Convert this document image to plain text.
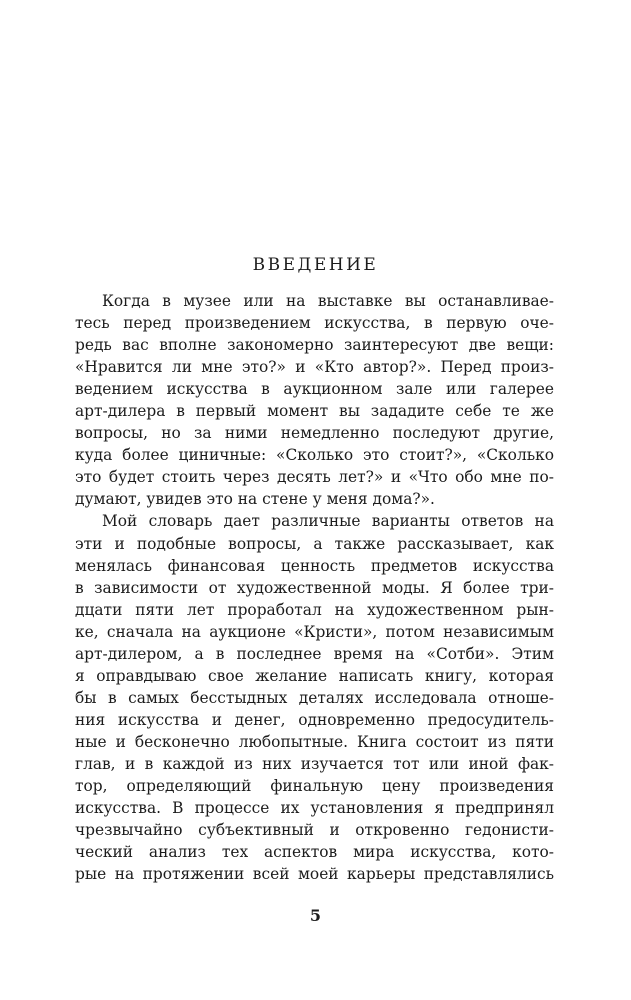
ВВЕДЕНИЕ
Когда в музее или на выставке вы останавливае-
тесь перед произведением искусства, в первую оче-
редь вас вполне закономерно заинтересуют две вещи:
«Нравится ли мне это?» и «Кто автор?». Перед произ-
ведением искусства в аукционном зале или галерее
арт-дилера в первый момент вы зададите себе те же
вопросы, но за ними немедленно последуют другие,
куда более циничные: «Сколько это стоит?», «Сколько
это будет стоить через десять лет?» и «Что обо мне по-
думают, увидев это на стене у меня дома?».
Мой словарь дает различные варианты ответов на
эти и подобные вопросы, а также рассказывает, как
менялась финансовая ценность предметов искусства
в зависимости от художественной моды. Я более три-
дцати пяти лет проработал на художественном рын-
ке, сначала на аукционе «Кристи», потом независимым
арт-дилером, а в последнее время на «Сотби». Этим
я оправдываю свое желание написать книгу, которая
бы в самых бесстыдных деталях исследовала отноше-
ния искусства и денег, одновременно предосудитель-
ные и бесконечно любопытные. Книга состоит из пяти
глав, и в каждой из них изучается тот или иной фак-
тор, определяющий финальную цену произведения
искусства. В процессе их установления я предпринял
чрезвычайно субъективный и откровенно гедонисти-
ческий анализ тех аспектов мира искусства, кото-
рые на протяжении всей моей карьеры представлялись
5
